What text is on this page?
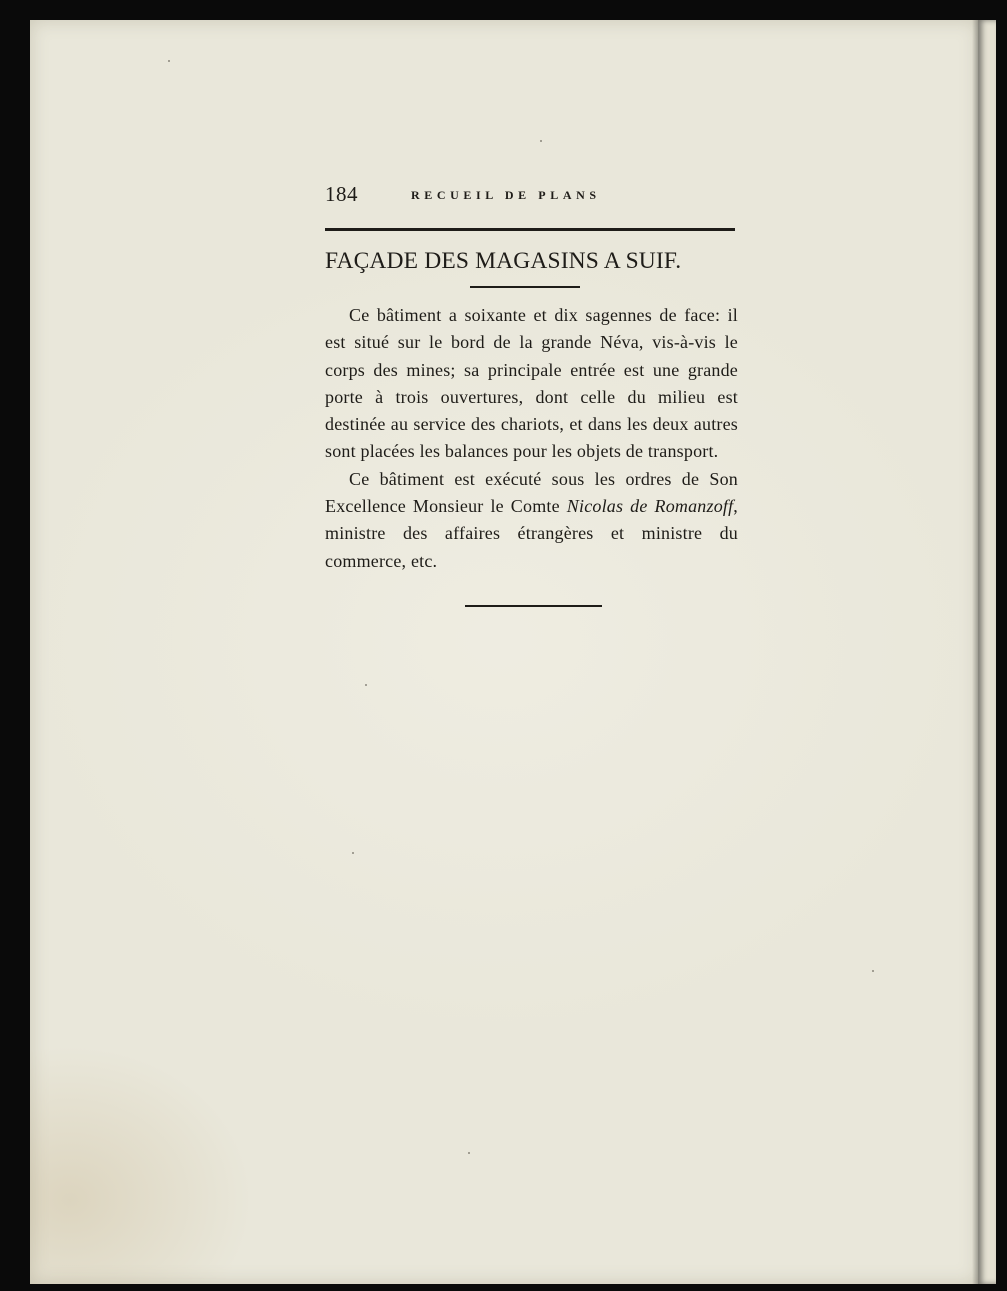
184	RECUEIL DE PLANS
FAÇADE DES MAGASINS A SUIF.

Ce bâtiment a soixante et dix sagennes de face: il est situé sur le bord de la grande Néva, vis-à-vis le corps des mines; sa principale entrée est une grande porte à trois ouvertures, dont celle du milieu est destinée au service des chariots, et dans les deux autres sont placées les balances pour les objets de transport.

Ce bâtiment est exécuté sous les ordres de Son Excellence Monsieur le Comte Nicolas de Romanzoff, ministre des affaires étrangères et ministre du commerce, etc.
